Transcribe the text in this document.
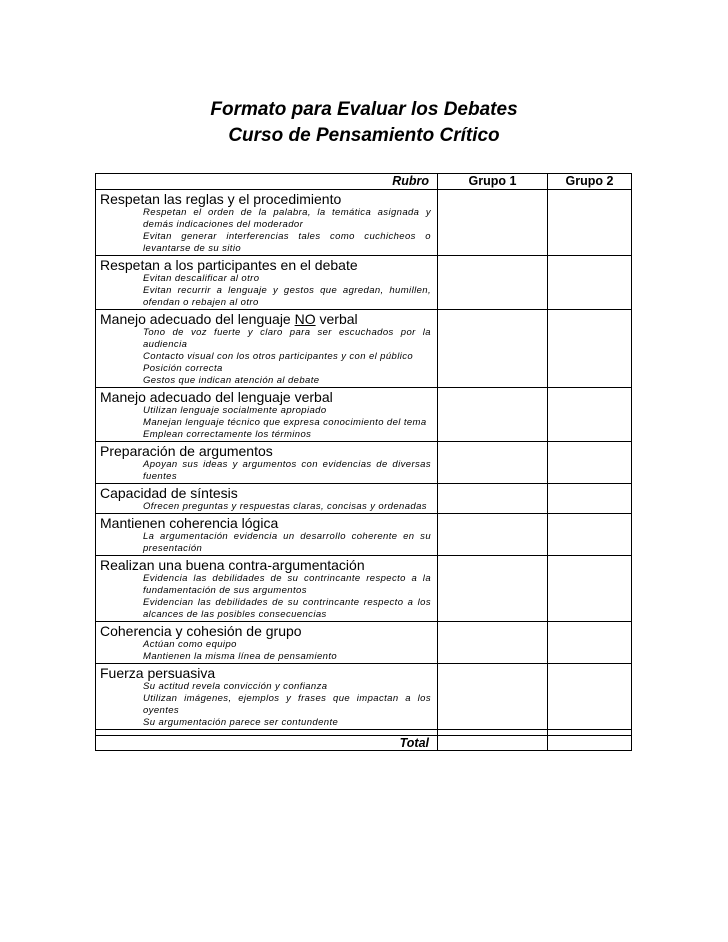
Formato para Evaluar los Debates
Curso de Pensamiento Crítico
Rubro	Grupo 1	Grupo 2

Respetan las reglas y el procedimiento
Respetan el orden de la palabra, la temática asignada y demás indicaciones del moderador
Evitan generar interferencias tales como cuchicheos o levantarse de su sitio		

Respetan a los participantes en el debate
Evitan descalificar al otro
Evitan recurrir a lenguaje y gestos que agredan, humillen, ofendan o rebajen al otro		

Manejo adecuado del lenguaje NO verbal
Tono de voz fuerte y claro para ser escuchados por la audiencia
Contacto visual con los otros participantes y con el público
Posición correcta
Gestos que indican atención al debate		

Manejo adecuado del lenguaje verbal
Utilizan lenguaje socialmente apropiado
Manejan lenguaje técnico que expresa conocimiento del tema
Emplean correctamente los términos		

Preparación de argumentos
Apoyan sus ideas y argumentos con evidencias de diversas fuentes		

Capacidad de síntesis
Ofrecen preguntas y respuestas claras, concisas y ordenadas		

Mantienen coherencia lógica
La argumentación evidencia un desarrollo coherente en su presentación		

Realizan una buena contra-argumentación
Evidencia las debilidades de su contrincante respecto a la fundamentación de sus argumentos
Evidencian las debilidades de su contrincante respecto a los alcances de las posibles consecuencias		

Coherencia y cohesión de grupo
Actúan como equipo
Mantienen la misma línea de pensamiento		

Fuerza persuasiva
Su actitud revela convicción y confianza
Utilizan imágenes, ejemplos y frases que impactan a los oyentes
Su argumentación parece ser contundente		

Total		
